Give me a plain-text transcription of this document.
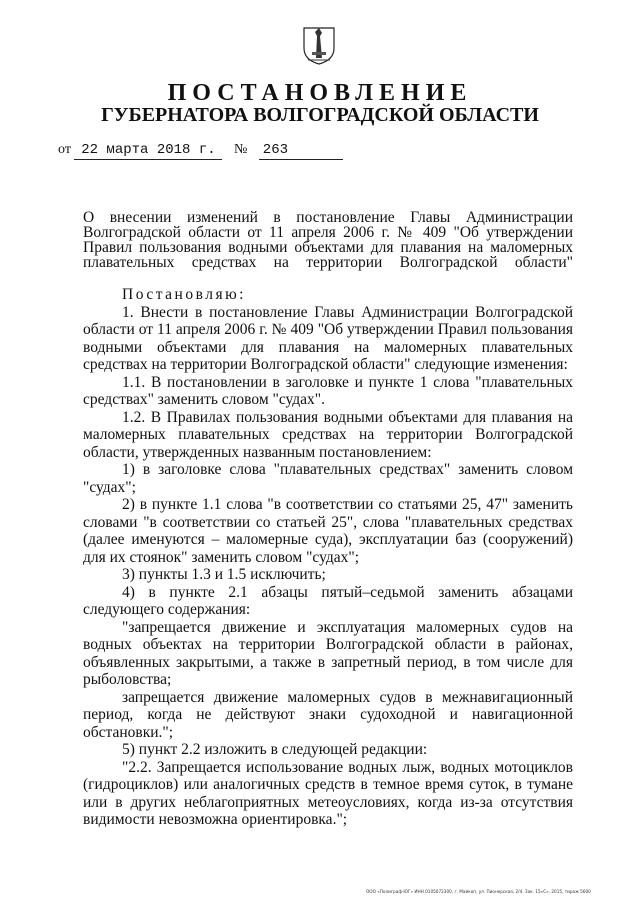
ПОСТАНОВЛЕНИЕ
ГУБЕРНАТОРА ВОЛГОГРАДСКОЙ ОБЛАСТИ
от 22 марта 2018 г. № 263
О внесении изменений в постановление Главы Администрации Волгоградской области от 11 апреля 2006 г. № 409 "Об утверждении Правил пользования водными объектами для плавания на маломерных плавательных средствах на территории Волгоградской области"

Постановляю:

1. Внести в постановление Главы Администрации Волгоградской области от 11 апреля 2006 г. № 409 "Об утверждении Правил пользования водными объектами для плавания на маломерных плавательных средствах на территории Волгоградской области" следующие изменения:

1.1. В постановлении в заголовке и пункте 1 слова "плавательных средствах" заменить словом "судах".

1.2. В Правилах пользования водными объектами для плавания на маломерных плавательных средствах на территории Волгоградской области, утвержденных названным постановлением:

1) в заголовке слова "плавательных средствах" заменить словом "судах";

2) в пункте 1.1 слова "в соответствии со статьями 25, 47" заменить словами "в соответствии со статьей 25", слова "плавательных средствах (далее именуются – маломерные суда), эксплуатации баз (сооружений) для их стоянок" заменить словом "судах";

3) пункты 1.3 и 1.5 исключить;

4) в пункте 2.1 абзацы пятый–седьмой заменить абзацами следующего содержания:

"запрещается движение и эксплуатация маломерных судов на водных объектах на территории Волгоградской области в районах, объявленных закрытыми, а также в запретный период, в том числе для рыболовства;

запрещается движение маломерных судов в межнавигационный период, когда не действуют знаки судоходной и навигационной обстановки.";

5) пункт 2.2 изложить в следующей редакции:

"2.2. Запрещается использование водных лыж, водных мотоциклов (гидроциклов) или аналогичных средств в темное время суток, в тумане или в других неблагоприятных метеоусловиях, когда из-за отсутствия видимости невозможна ориентировка.";

ООО «Полиграф-ЮГ» ИНН 0105072300, г. Майкоп, ул. Пионерская, 2/4. Зак. 15«С», 2015, тираж 5600
